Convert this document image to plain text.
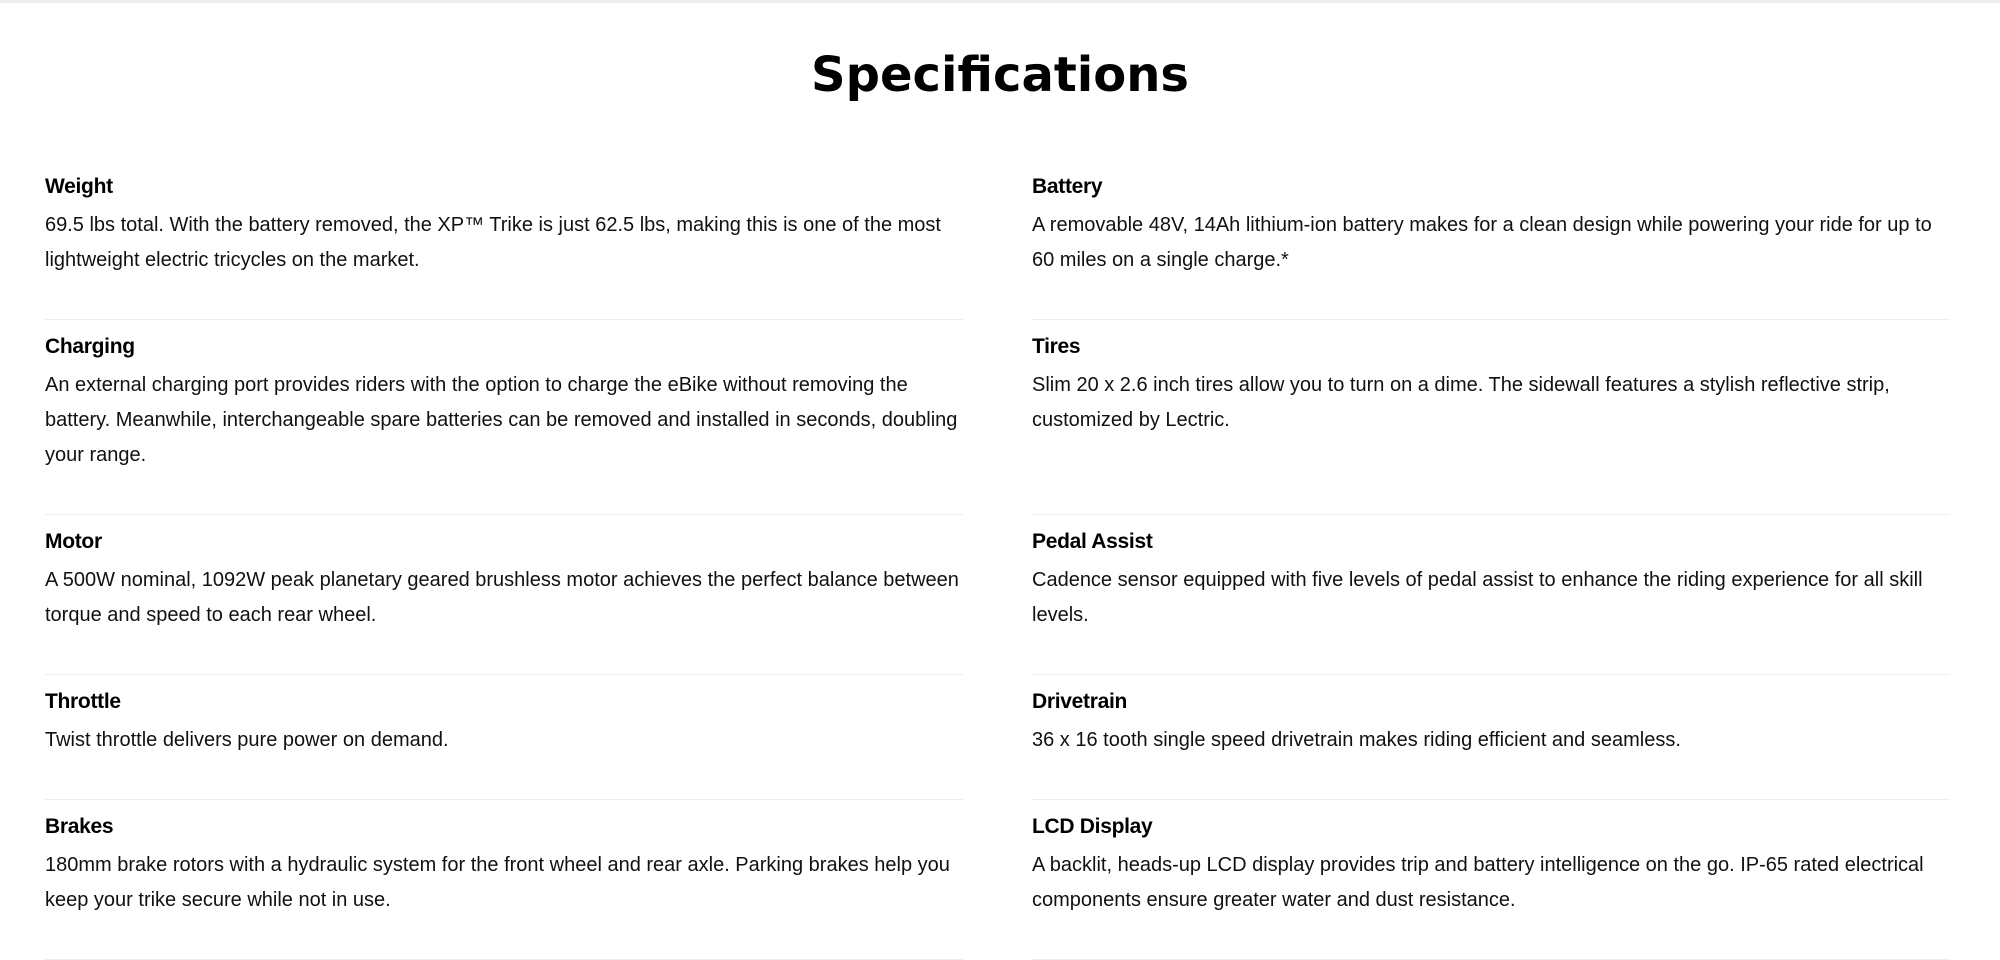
Specifications
Weight

69.5 lbs total. With the battery removed, the XP™ Trike is just 62.5 lbs, making this is one of the most lightweight electric tricycles on the market.

Battery

A removable 48V, 14Ah lithium-ion battery makes for a clean design while powering your ride for up to 60 miles on a single charge.*

Charging

An external charging port provides riders with the option to charge the eBike without removing the battery. Meanwhile, interchangeable spare batteries can be removed and installed in seconds, doubling your range.

Tires

Slim 20 x 2.6 inch tires allow you to turn on a dime. The sidewall features a stylish reflective strip, customized by Lectric.

Motor

A 500W nominal, 1092W peak planetary geared brushless motor achieves the perfect balance between torque and speed to each rear wheel.

Pedal Assist

Cadence sensor equipped with five levels of pedal assist to enhance the riding experience for all skill levels.

Throttle

Twist throttle delivers pure power on demand.

Drivetrain

36 x 16 tooth single speed drivetrain makes riding efficient and seamless.

Brakes

180mm brake rotors with a hydraulic system for the front wheel and rear axle. Parking brakes help you keep your trike secure while not in use.

LCD Display

A backlit, heads-up LCD display provides trip and battery intelligence on the go. IP-65 rated electrical components ensure greater water and dust resistance.
